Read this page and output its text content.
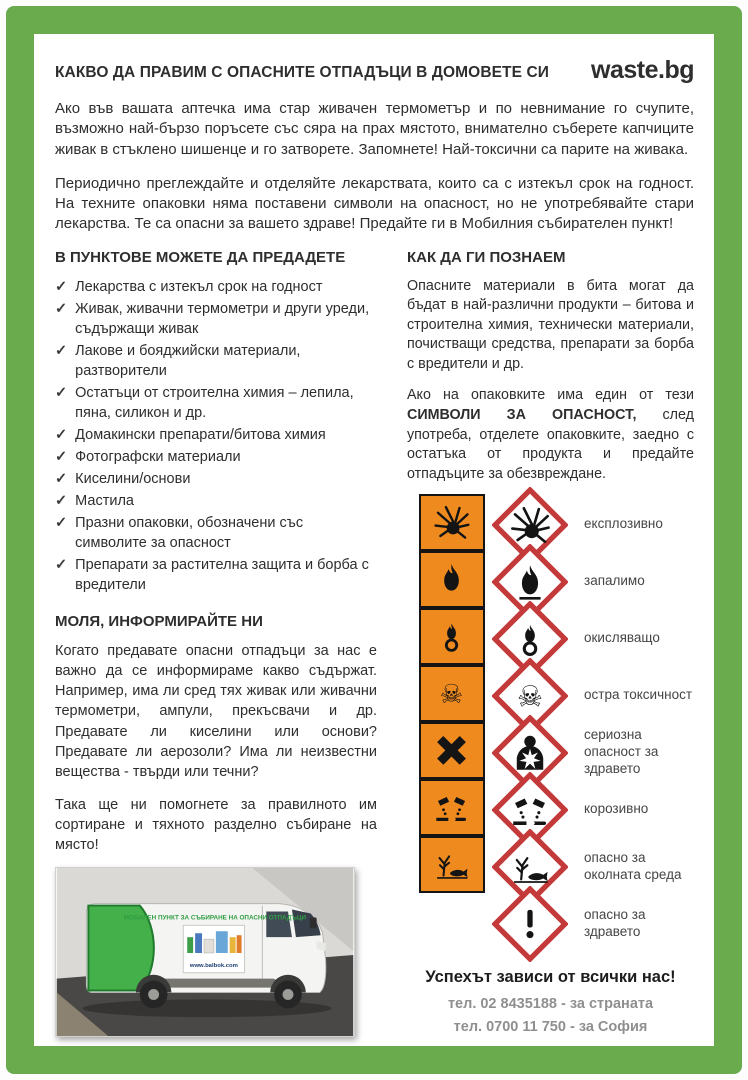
КАКВО ДА ПРАВИМ С ОПАСНИТЕ ОТПАДЪЦИ В ДОМОВЕТЕ СИ waste.bg

Ако във вашата аптечка има стар живачен термометър и по невнимание го счупите, възможно най-бързо поръсете със сяра на прах мястото, внимателно съберете капчиците живак в стъклено шишенце и го затворете. Запомнете! Най-токсични са парите на живака.

Периодично преглеждайте и отделяйте лекарствата, които са с изтекъл срок на годност. На техните опаковки няма поставени символи на опасност, но не употребявайте стари лекарства. Те са опасни за вашето здраве! Предайте ги в Мобилния събирателен пункт!

В ПУНКТОВЕ МОЖЕТЕ ДА ПРЕДАДЕТЕ
✓ Лекарства с изтекъл срок на годност
✓ Живак, живачни термометри и други уреди, съдържащи живак
✓ Лакове и бояджийски материали, разтворители
✓ Остатъци от строителна химия – лепила, пяна, силикон и др.
✓ Домакински препарати/битова химия
✓ Фотографски материали
✓ Киселини/основи
✓ Мастила
✓ Празни опаковки, обозначени със символите за опасност
✓ Препарати за растителна защита и борба с вредители
МОЛЯ, ИНФОРМИРАЙТЕ НИ

Когато предавате опасни отпадъци за нас е важно да се информираме какво съдържат. Например, има ли сред тях живак или живачни термометри, ампули, прекъсвачи и др. Предавате ли киселини или основи? Предавате ли аерозоли? Има ли неизвестни вещества - твърди или течни?

Така ще ни помогнете за правилното им сортиране и тяхното разделно събиране на място!

МОБИЛЕН ПУНКТ ЗА СЪБИРАНЕ НА ОПАСНИ ОТПАДЪЦИ
www.balbok.com
КАК ДА ГИ ПОЗНАЕМ

Опасните материали в бита могат да бъдат в най-различни продукти – битова и строителна химия, технически материали, почистващи средства, препарати за борба с вредители и др.

Ако на опаковките има един от тези СИМВОЛИ ЗА ОПАСНОСТ, след употреба, отделете опаковките, заедно с остатъка от продукта и предайте отпадъците за обезвреждане.

експлозивно
запалимо
окисляващо
☠ ☠	остра токсичност
сериозна опасност за здравето
корозивно
опасно за околната среда
опасно за здравето
Успехът зависи от всички нас!
тел. 02 8435188 - за страната
тел. 0700 11 750 - за София
